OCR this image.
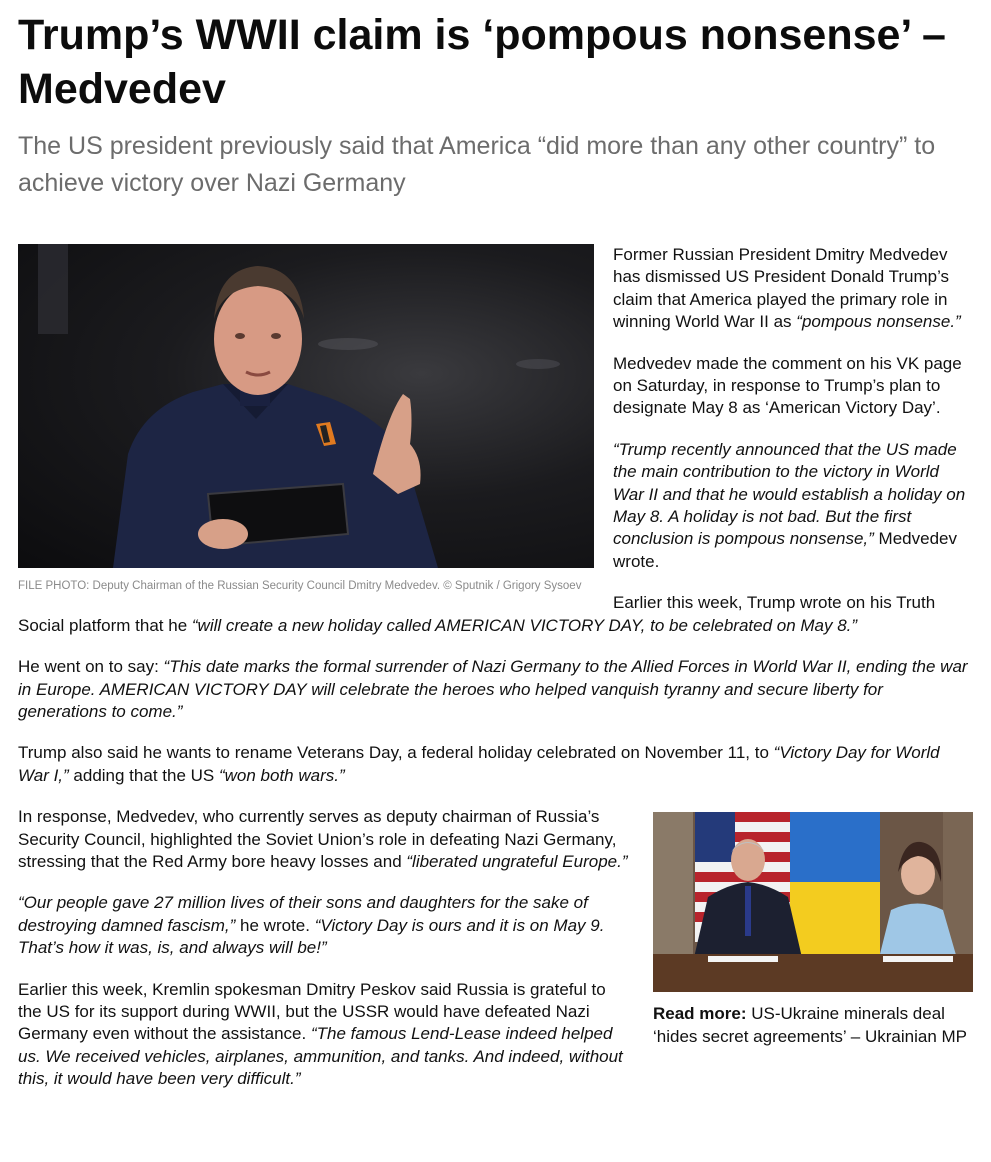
Trump’s WWII claim is ‘pompous nonsense’ – Medvedev
The US president previously said that America “did more than any other country” to achieve victory over Nazi Germany
FILE PHOTO: Deputy Chairman of the Russian Security Council Dmitry Medvedev. © Sputnik / Grigory Sysoev

Former Russian President Dmitry Medvedev has dismissed US President Donald Trump’s claim that America played the primary role in winning World War II as “pompous nonsense.”

Medvedev made the comment on his VK page on Saturday, in response to Trump’s plan to designate May 8 as ‘American Victory Day’.

“Trump recently announced that the US made the main contribution to the victory in World War II and that he would establish a holiday on May 8. A holiday is not bad. But the first conclusion is pompous nonsense,” Medvedev wrote.

Earlier this week, Trump wrote on his Truth Social platform that he “will create a new holiday called AMERICAN VICTORY DAY, to be celebrated on May 8.”

He went on to say: “This date marks the formal surrender of Nazi Germany to the Allied Forces in World War II, ending the war in Europe. AMERICAN VICTORY DAY will celebrate the heroes who helped vanquish tyranny and secure liberty for generations to come.”

Trump also said he wants to rename Veterans Day, a federal holiday celebrated on November 11, to “Victory Day for World War I,” adding that the US “won both wars.”

Read more: US-Ukraine minerals deal ‘hides secret agreements’ – Ukrainian MP

In response, Medvedev, who currently serves as deputy chairman of Russia’s Security Council, highlighted the Soviet Union’s role in defeating Nazi Germany, stressing that the Red Army bore heavy losses and “liberated ungrateful Europe.”

“Our people gave 27 million lives of their sons and daughters for the sake of destroying damned fascism,” he wrote. “Victory Day is ours and it is on May 9. That’s how it was, is, and always will be!”

Earlier this week, Kremlin spokesman Dmitry Peskov said Russia is grateful to the US for its support during WWII, but the USSR would have defeated Nazi Germany even without the assistance. “The famous Lend-Lease indeed helped us. We received vehicles, airplanes, ammunition, and tanks. And indeed, without this, it would have been very difficult.”
